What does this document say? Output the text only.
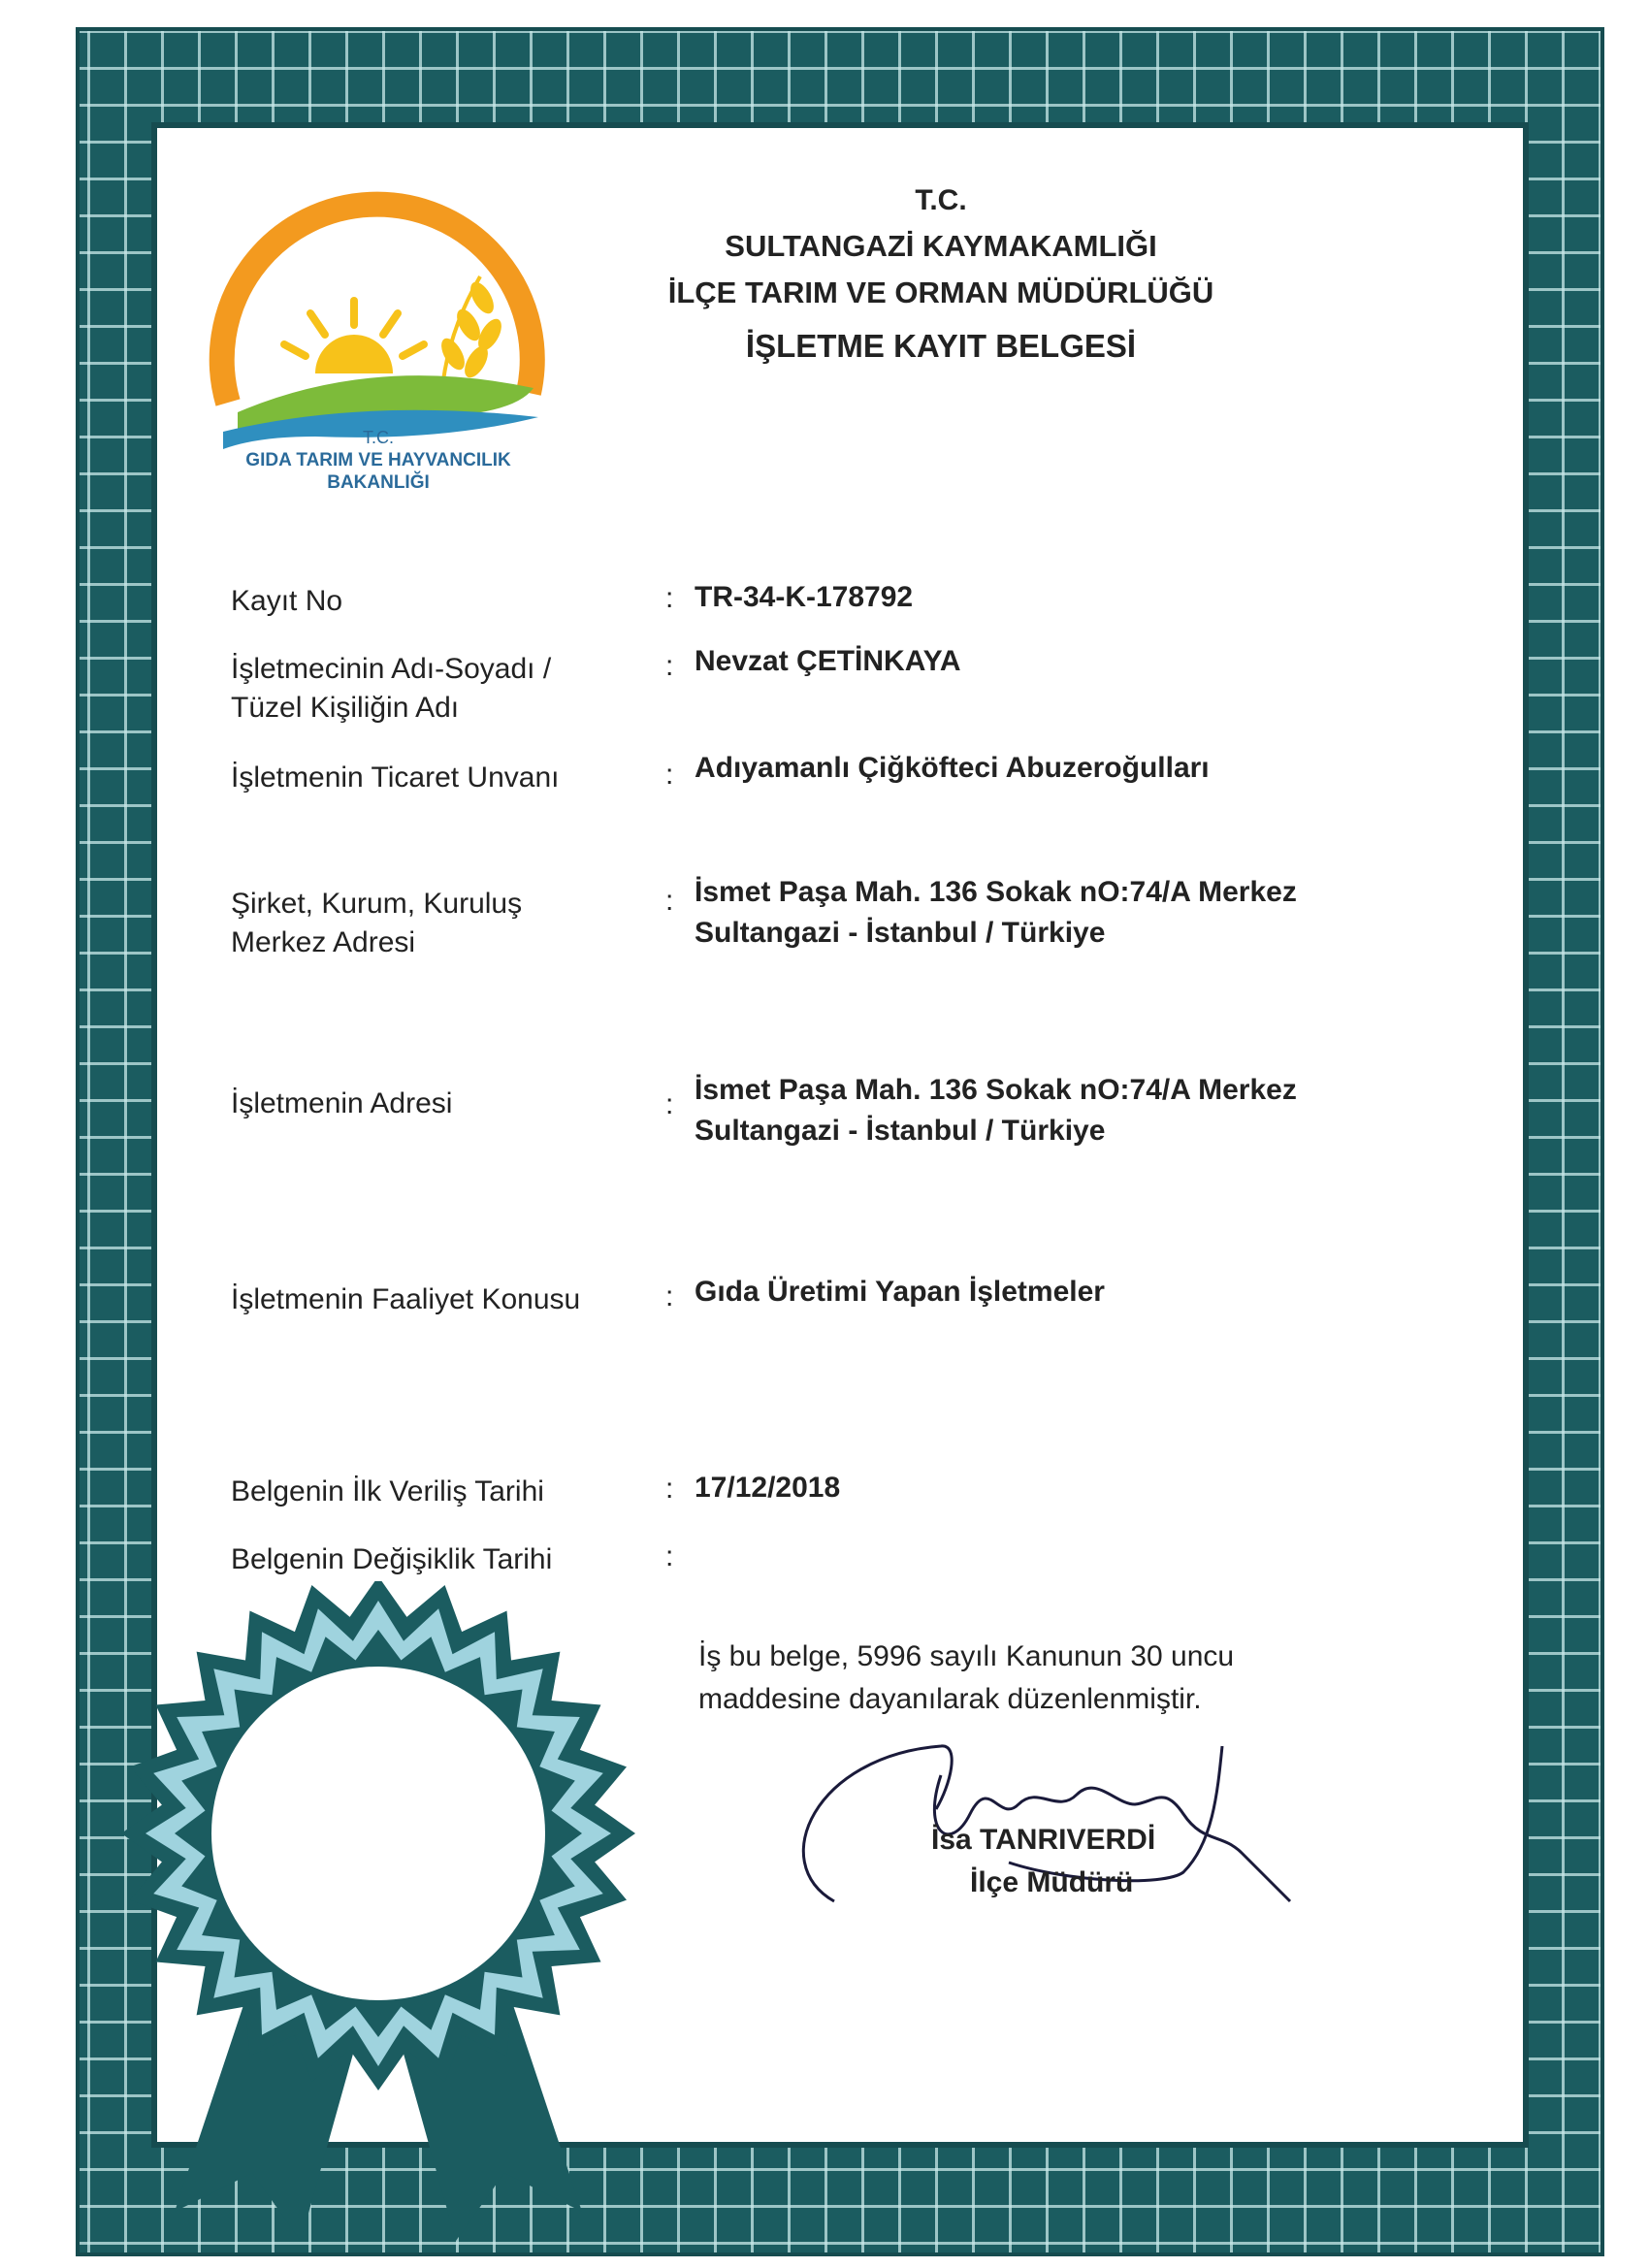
T.C.
GIDA TARIM VE HAYVANCILIK
BAKANLIĞI
T.C.
SULTANGAZİ KAYMAKAMLIĞI
İLÇE TARIM VE ORMAN MÜDÜRLÜĞÜ
İŞLETME KAYIT BELGESİ
Kayıt No	: TR-34-K-178792
İşletmecinin Adı-Soyadı /
Tüzel Kişiliğin Adı
: Nevzat ÇETİNKAYA
İşletmenin Ticaret Unvanı	: Adıyamanlı Çiğköfteci Abuzeroğulları
Şirket, Kurum, Kuruluş
Merkez Adresi
: İsmet Paşa Mah. 136 Sokak nO:74/A Merkez
Sultangazi - İstanbul / Türkiye
İşletmenin Adresi	: İsmet Paşa Mah. 136 Sokak nO:74/A Merkez
Sultangazi - İstanbul / Türkiye
İşletmenin Faaliyet Konusu	: Gıda Üretimi Yapan İşletmeler
Belgenin İlk Veriliş Tarihi	: 17/12/2018
Belgenin Değişiklik Tarihi	:
İş bu belge, 5996 sayılı Kanunun 30 uncu
maddesine dayanılarak düzenlenmiştir.
İsa TANRIVERDİ
İlçe Müdürü
